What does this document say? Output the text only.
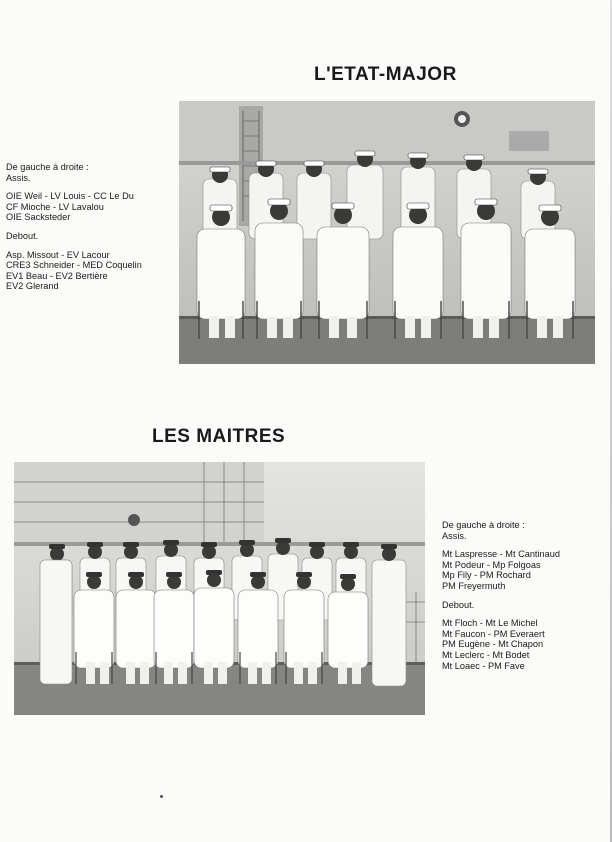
L'ETAT-MAJOR
De gauche à droite :
Assis.
OIE Weil - LV Louis - CC Le Du
CF Mioche - LV Lavalou
OIE Sacksteder
Debout.
Asp. Missout - EV Lacour
CRE3 Schneider - MED Coquelin
EV1 Beau - EV2 Bertière
EV2 Glerand
LES MAITRES
De gauche à droite :
Assis.
Mt Laspresse - Mt Cantinaud
Mt Podeur - Mp Folgoas
Mp Fily - PM Rochard
PM Freyermuth
Debout.
Mt Floch - Mt Le Michel
Mt Faucon - PM Everaert
PM Eugène - Mt Chapon
Mt Leclerc - Mt Bodet
Mt Loaec - PM Fave
